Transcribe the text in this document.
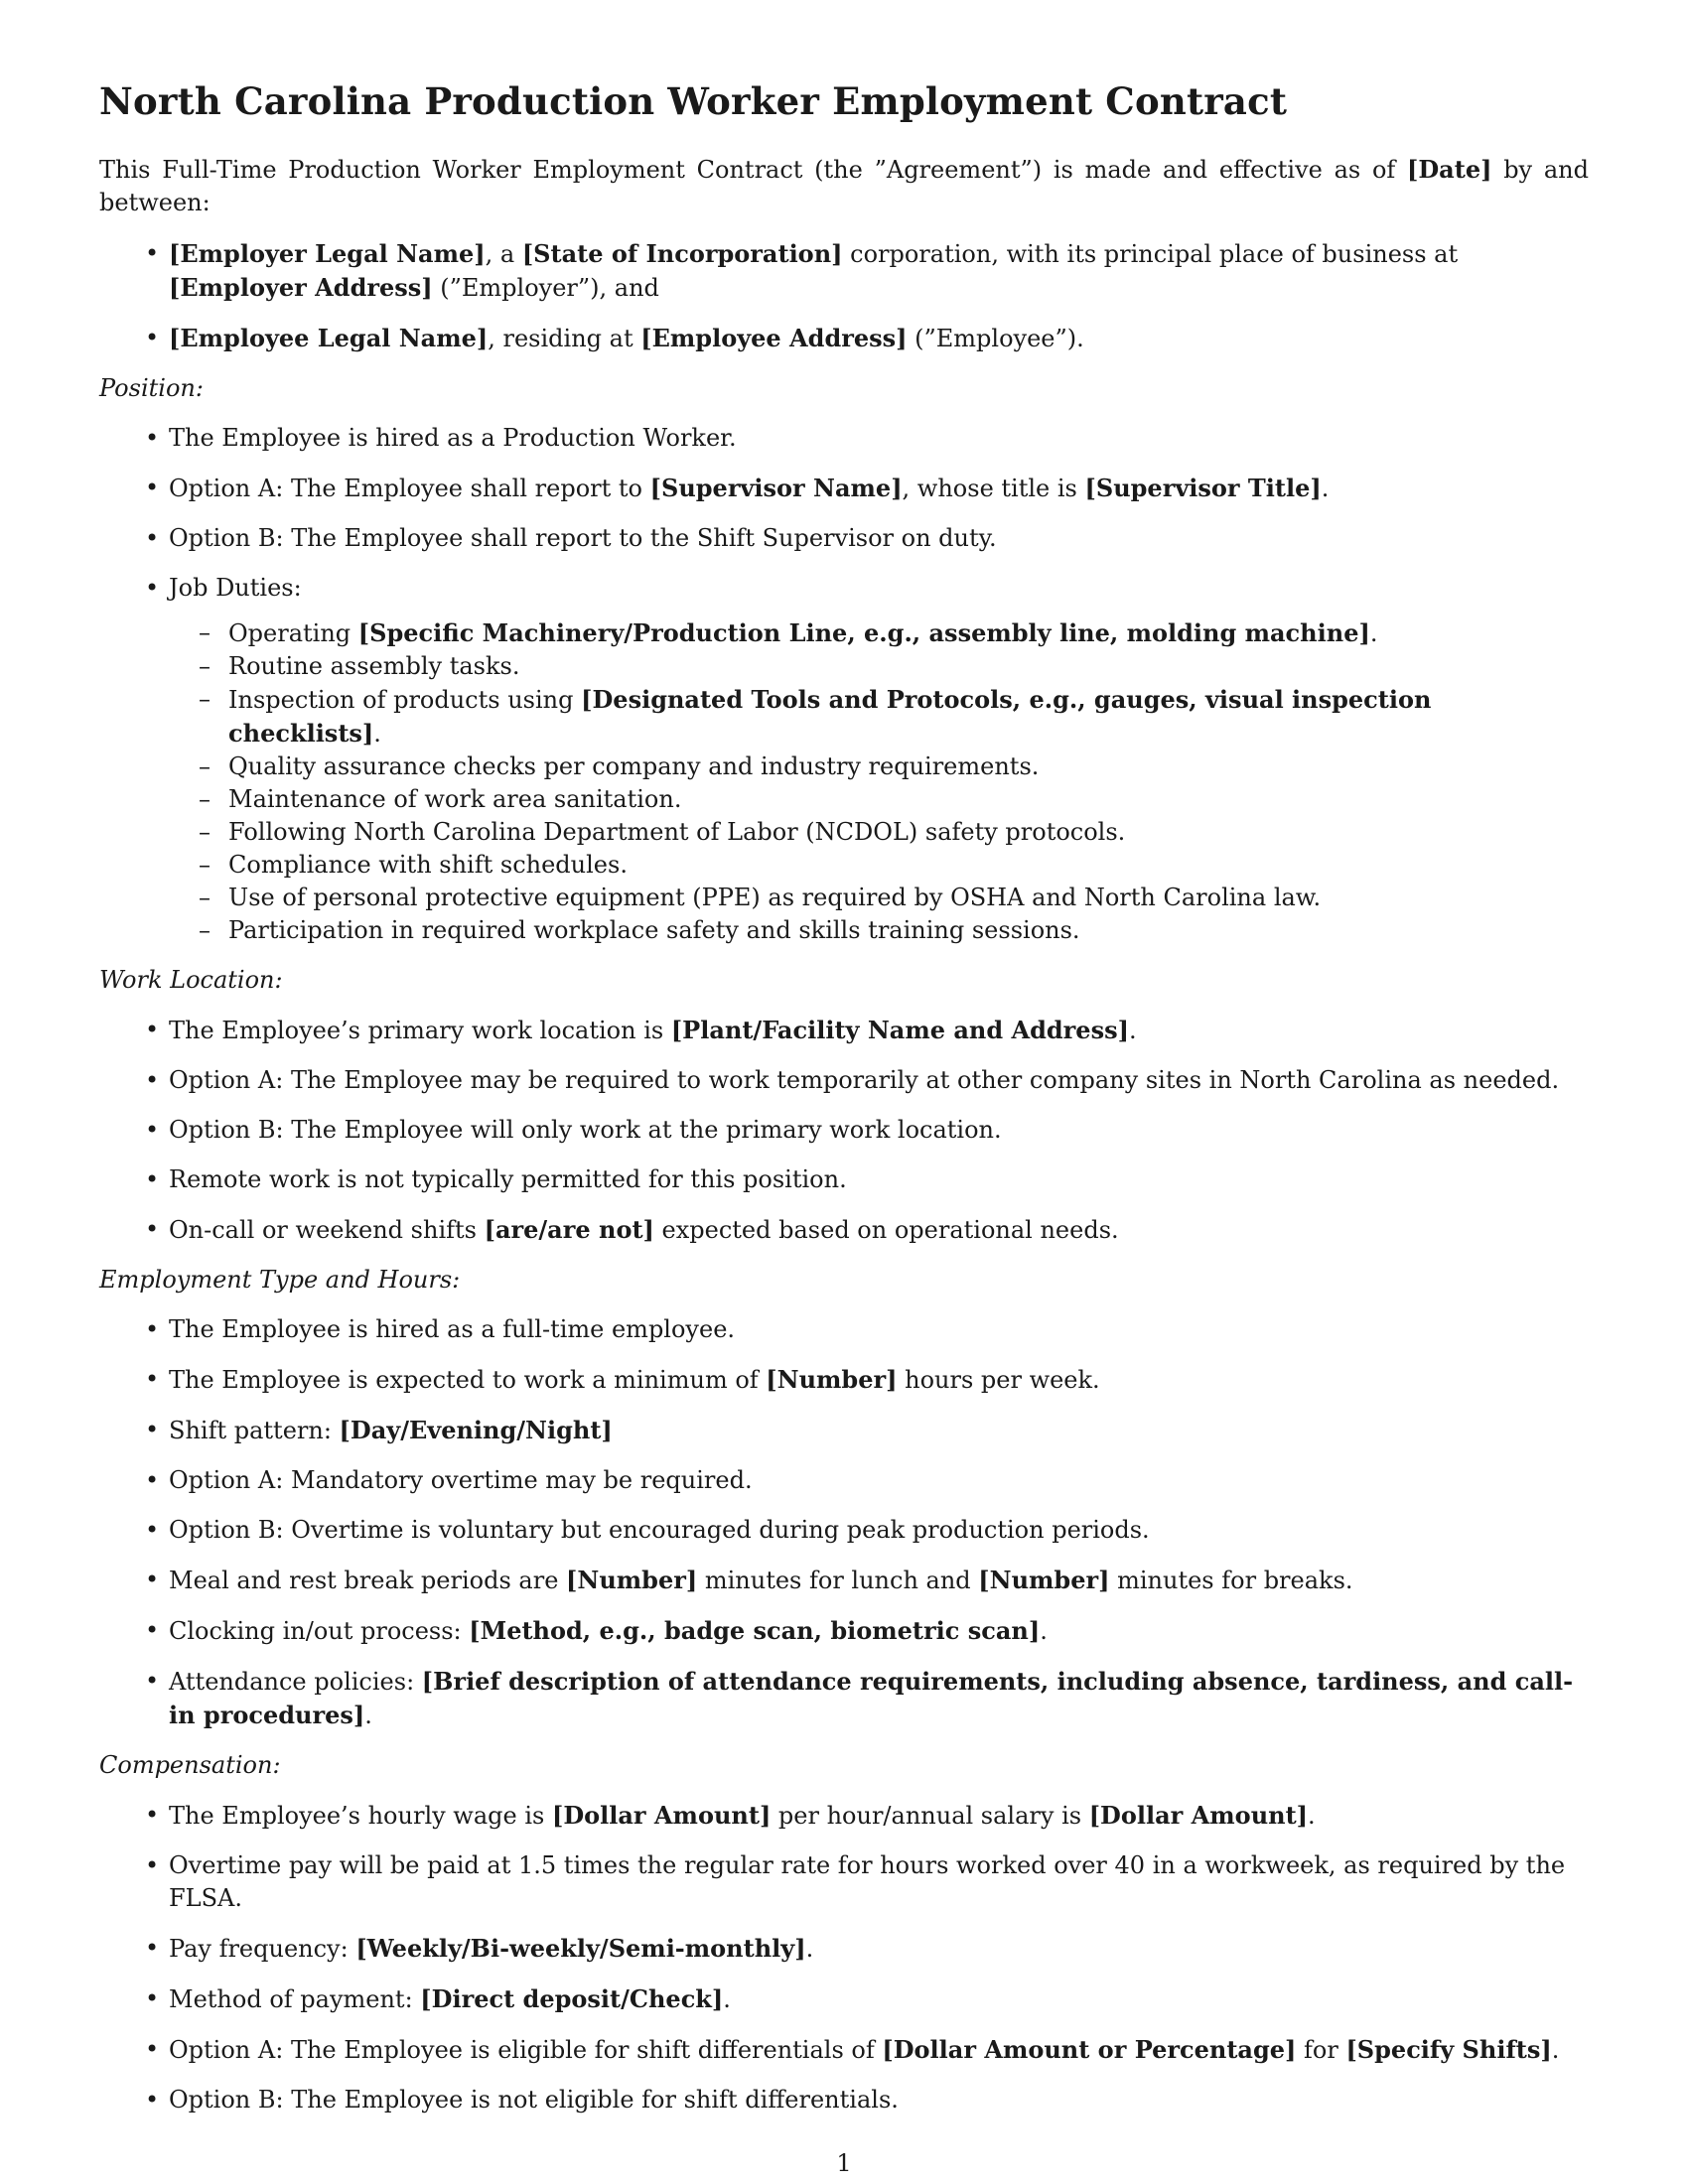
North Carolina Production Worker Employment Contract

This Full-Time Production Worker Employment Contract (the ”Agreement”) is made and effective as of [Date] by and between:

• [Employer Legal Name], a [State of Incorporation] corporation, with its principal place of business at [Employer Address] (”Employer”), and
• [Employee Legal Name], residing at [Employee Address] (”Employee”).
Position:
• The Employee is hired as a Production Worker.
• Option A: The Employee shall report to [Supervisor Name], whose title is [Supervisor Title].
• Option B: The Employee shall report to the Shift Supervisor on duty.
• Job Duties:
– Operating [Specific Machinery/Production Line, e.g., assembly line, molding machine].
– Routine assembly tasks.
– Inspection of products using [Designated Tools and Protocols, e.g., gauges, visual inspection checklists].
– Quality assurance checks per company and industry requirements.
– Maintenance of work area sanitation.
– Following North Carolina Department of Labor (NCDOL) safety protocols.
– Compliance with shift schedules.
– Use of personal protective equipment (PPE) as required by OSHA and North Carolina law.
– Participation in required workplace safety and skills training sessions.
Work Location:
• The Employee’s primary work location is [Plant/Facility Name and Address].
• Option A: The Employee may be required to work temporarily at other company sites in North Carolina as needed.
• Option B: The Employee will only work at the primary work location.
• Remote work is not typically permitted for this position.
• On-call or weekend shifts [are/are not] expected based on operational needs.
Employment Type and Hours:
• The Employee is hired as a full-time employee.
• The Employee is expected to work a minimum of [Number] hours per week.
• Shift pattern: [Day/Evening/Night]
• Option A: Mandatory overtime may be required.
• Option B: Overtime is voluntary but encouraged during peak production periods.
• Meal and rest break periods are [Number] minutes for lunch and [Number] minutes for breaks.
• Clocking in/out process: [Method, e.g., badge scan, biometric scan].
• Attendance policies: [Brief description of attendance requirements, including absence, tardiness, and call-in procedures].
Compensation:
• The Employee’s hourly wage is [Dollar Amount] per hour/annual salary is [Dollar Amount].
• Overtime pay will be paid at 1.5 times the regular rate for hours worked over 40 in a workweek, as required by the FLSA.
• Pay frequency: [Weekly/Bi-weekly/Semi-monthly].
• Method of payment: [Direct deposit/Check].
• Option A: The Employee is eligible for shift differentials of [Dollar Amount or Percentage] for [Specify Shifts].
• Option B: The Employee is not eligible for shift differentials.
1
